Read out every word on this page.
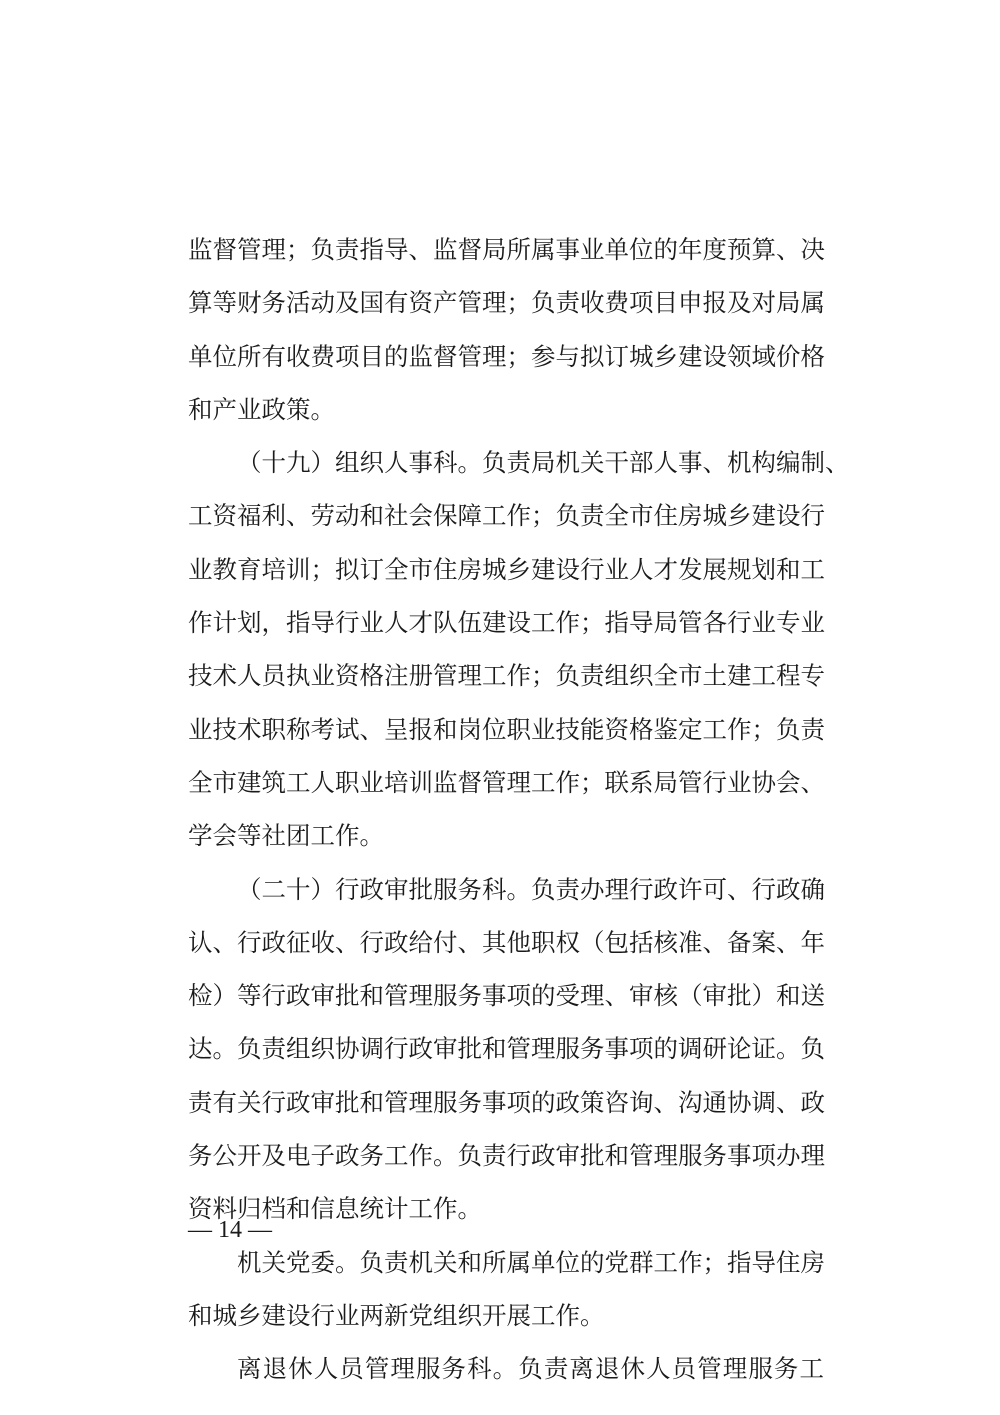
监督管理；负责指导、监督局所属事业单位的年度预算、决
算等财务活动及国有资产管理；负责收费项目申报及对局属
单位所有收费项目的监督管理；参与拟订城乡建设领域价格
和产业政策。
（十九）组织人事科。负责局机关干部人事、机构编制、
工资福利、劳动和社会保障工作；负责全市住房城乡建设行
业教育培训；拟订全市住房城乡建设行业人才发展规划和工
作计划，指导行业人才队伍建设工作；指导局管各行业专业
技术人员执业资格注册管理工作；负责组织全市土建工程专
业技术职称考试、呈报和岗位职业技能资格鉴定工作；负责
全市建筑工人职业培训监督管理工作；联系局管行业协会、
学会等社团工作。
（二十）行政审批服务科。负责办理行政许可、行政确
认、行政征收、行政给付、其他职权（包括核准、备案、年
检）等行政审批和管理服务事项的受理、审核（审批）和送
达。负责组织协调行政审批和管理服务事项的调研论证。负
责有关行政审批和管理服务事项的政策咨询、沟通协调、政
务公开及电子政务工作。负责行政审批和管理服务事项办理
资料归档和信息统计工作。
机关党委。负责机关和所属单位的党群工作；指导住房
和城乡建设行业两新党组织开展工作。
离退休人员管理服务科。负责离退休人员管理服务工
— 14 —
